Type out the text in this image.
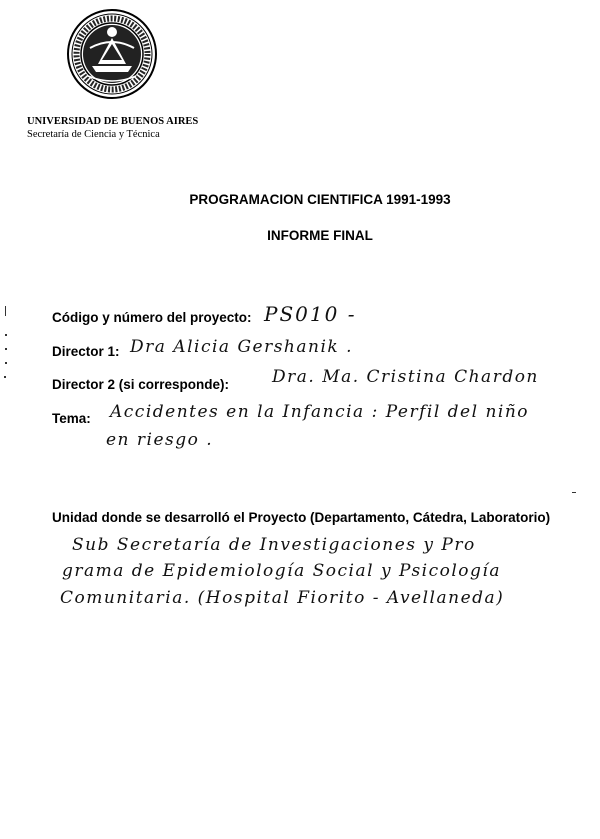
UNIVERSIDAD DE BUENOS AIRES
Secretaría de Ciencia y Técnica
PROGRAMACION CIENTIFICA 1991-1993
INFORME FINAL
Código y número del proyecto: PS010 -
Director 1: Dra Alicia Gershanik .
Director 2 (si corresponde):	Dra. Ma. Cristina Chardon
Tema: Accidentes en la Infancia : Perfil del niño
en riesgo .
Unidad donde se desarrolló el Proyecto (Departamento, Cátedra, Laboratorio)
Sub Secretaría de Investigaciones y Pro
grama de Epidemiología Social y Psicología
Comunitaria. (Hospital Fiorito - Avellaneda)
